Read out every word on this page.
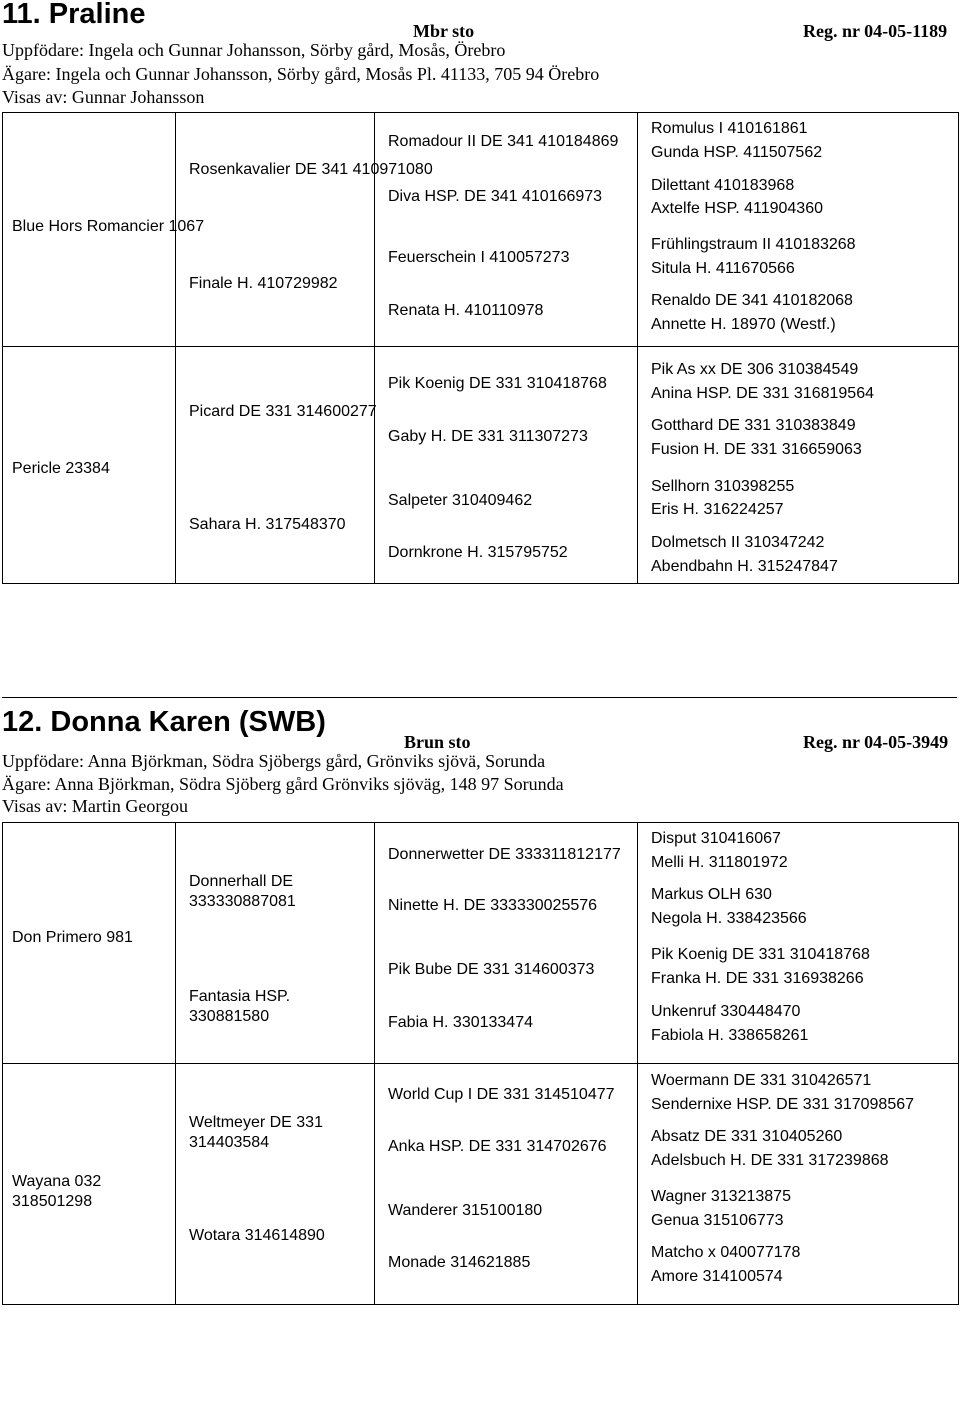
11. Praline
Mbr sto	Reg. nr 04-05-1189
Uppfödare: Ingela och Gunnar Johansson, Sörby gård, Mosås, Örebro
Ägare: Ingela och Gunnar Johansson, Sörby gård, Mosås Pl. 41133, 705 94 Örebro
Visas av: Gunnar Johansson
Blue Hors Romancier 1067
Pericle 23384
Rosenkavalier DE 341 410971080
Finale H. 410729982
Picard DE 331 314600277
Sahara H. 317548370
Romadour II DE 341 410184869
Diva HSP. DE 341 410166973
Feuerschein I 410057273
Renata H. 410110978
Pik Koenig DE 331 310418768
Gaby H. DE 331 311307273
Salpeter 310409462
Dornkrone H. 315795752
Romulus I 410161861
Gunda HSP. 411507562
Dilettant 410183968
Axtelfe HSP. 411904360
Frühlingstraum II 410183268
Situla H. 411670566
Renaldo DE 341 410182068
Annette H. 18970 (Westf.)
Pik As xx DE 306 310384549
Anina HSP. DE 331 316819564
Gotthard DE 331 310383849
Fusion H. DE 331 316659063
Sellhorn 310398255
Eris H. 316224257
Dolmetsch II 310347242
Abendbahn H. 315247847
12. Donna Karen (SWB)
Brun sto	Reg. nr 04-05-3949
Uppfödare: Anna Björkman, Södra Sjöbergs gård, Grönviks sjövä, Sorunda
Ägare: Anna Björkman, Södra Sjöberg gård Grönviks sjöväg, 148 97 Sorunda
Visas av: Martin Georgou
Don Primero 981
Wayana 032 318501298
Donnerhall DE 333330887081
Fantasia HSP. 330881580
Weltmeyer DE 331 314403584
Wotara 314614890
Donnerwetter DE 333311812177
Ninette H. DE 333330025576
Pik Bube DE 331 314600373
Fabia H. 330133474
World Cup I DE 331 314510477
Anka HSP. DE 331 314702676
Wanderer 315100180
Monade 314621885
Disput 310416067
Melli H. 311801972
Markus OLH 630
Negola H. 338423566
Pik Koenig DE 331 310418768
Franka H. DE 331 316938266
Unkenruf 330448470
Fabiola H. 338658261
Woermann DE 331 310426571
Sendernixe HSP. DE 331 317098567
Absatz DE 331 310405260
Adelsbuch H. DE 331 317239868
Wagner 313213875
Genua 315106773
Matcho x 040077178
Amore 314100574
